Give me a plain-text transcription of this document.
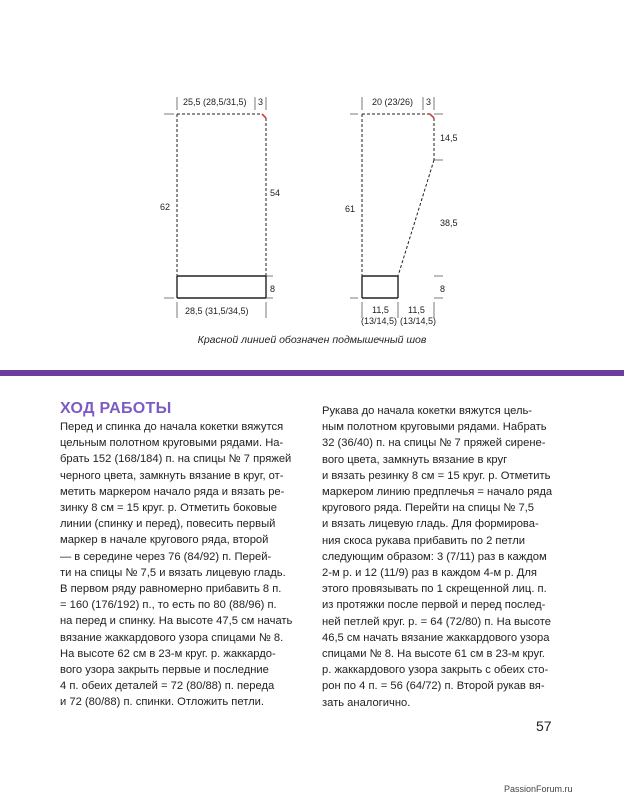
25,5 (28,5/31,5) 3
62
54
8
28,5 (31,5/34,5)
20 (23/26) 3
61
14,5
38,5
8
11,5
(13/14,5)
11,5
(13/14,5)
Красной линией обозначен подмышечный шов
ХОД РАБОТЫ
Перед и спинка до начала кокетки вяжутся
цельным полотном круговыми рядами. На-
брать 152 (168/184) п. на спицы № 7 пряжей
черного цвета, замкнуть вязание в круг, от-
метить маркером начало ряда и вязать ре-
зинку 8 см = 15 круг. р. Отметить боковые
линии (спинку и перед), повесить первый
маркер в начале кругового ряда, второй
— в середине через 76 (84/92) п. Перей-
ти на спицы № 7,5 и вязать лицевую гладь.
В первом ряду равномерно прибавить 8 п.
= 160 (176/192) п., то есть по 80 (88/96) п.
на перед и спинку. На высоте 47,5 см начать
вязание жаккардового узора спицами № 8.
На высоте 62 см в 23-м круг. р. жаккардо-
вого узора закрыть первые и последние
4 п. обеих деталей = 72 (80/88) п. переда
и 72 (80/88) п. спинки. Отложить петли.
Рукава до начала кокетки вяжутся цель-
ным полотном круговыми рядами. Набрать
32 (36/40) п. на спицы № 7 пряжей сирене-
вого цвета, замкнуть вязание в круг
и вязать резинку 8 см = 15 круг. р. Отметить
маркером линию предплечья = начало ряда
кругового ряда. Перейти на спицы № 7,5
и вязать лицевую гладь. Для формирова-
ния скоса рукава прибавить по 2 петли
следующим образом: 3 (7/11) раз в каждом
2-м р. и 12 (11/9) раз в каждом 4-м р. Для
этого провязывать по 1 скрещенной лиц. п.
из протяжки после первой и перед послед-
ней петлей круг. р. = 64 (72/80) п. На высоте
46,5 см начать вязание жаккардового узора
спицами № 8. На высоте 61 см в 23-м круг.
р. жаккардового узора закрыть с обеих сто-
рон по 4 п. = 56 (64/72) п. Второй рукав вя-
зать аналогично.
57
PassionForum.ru
